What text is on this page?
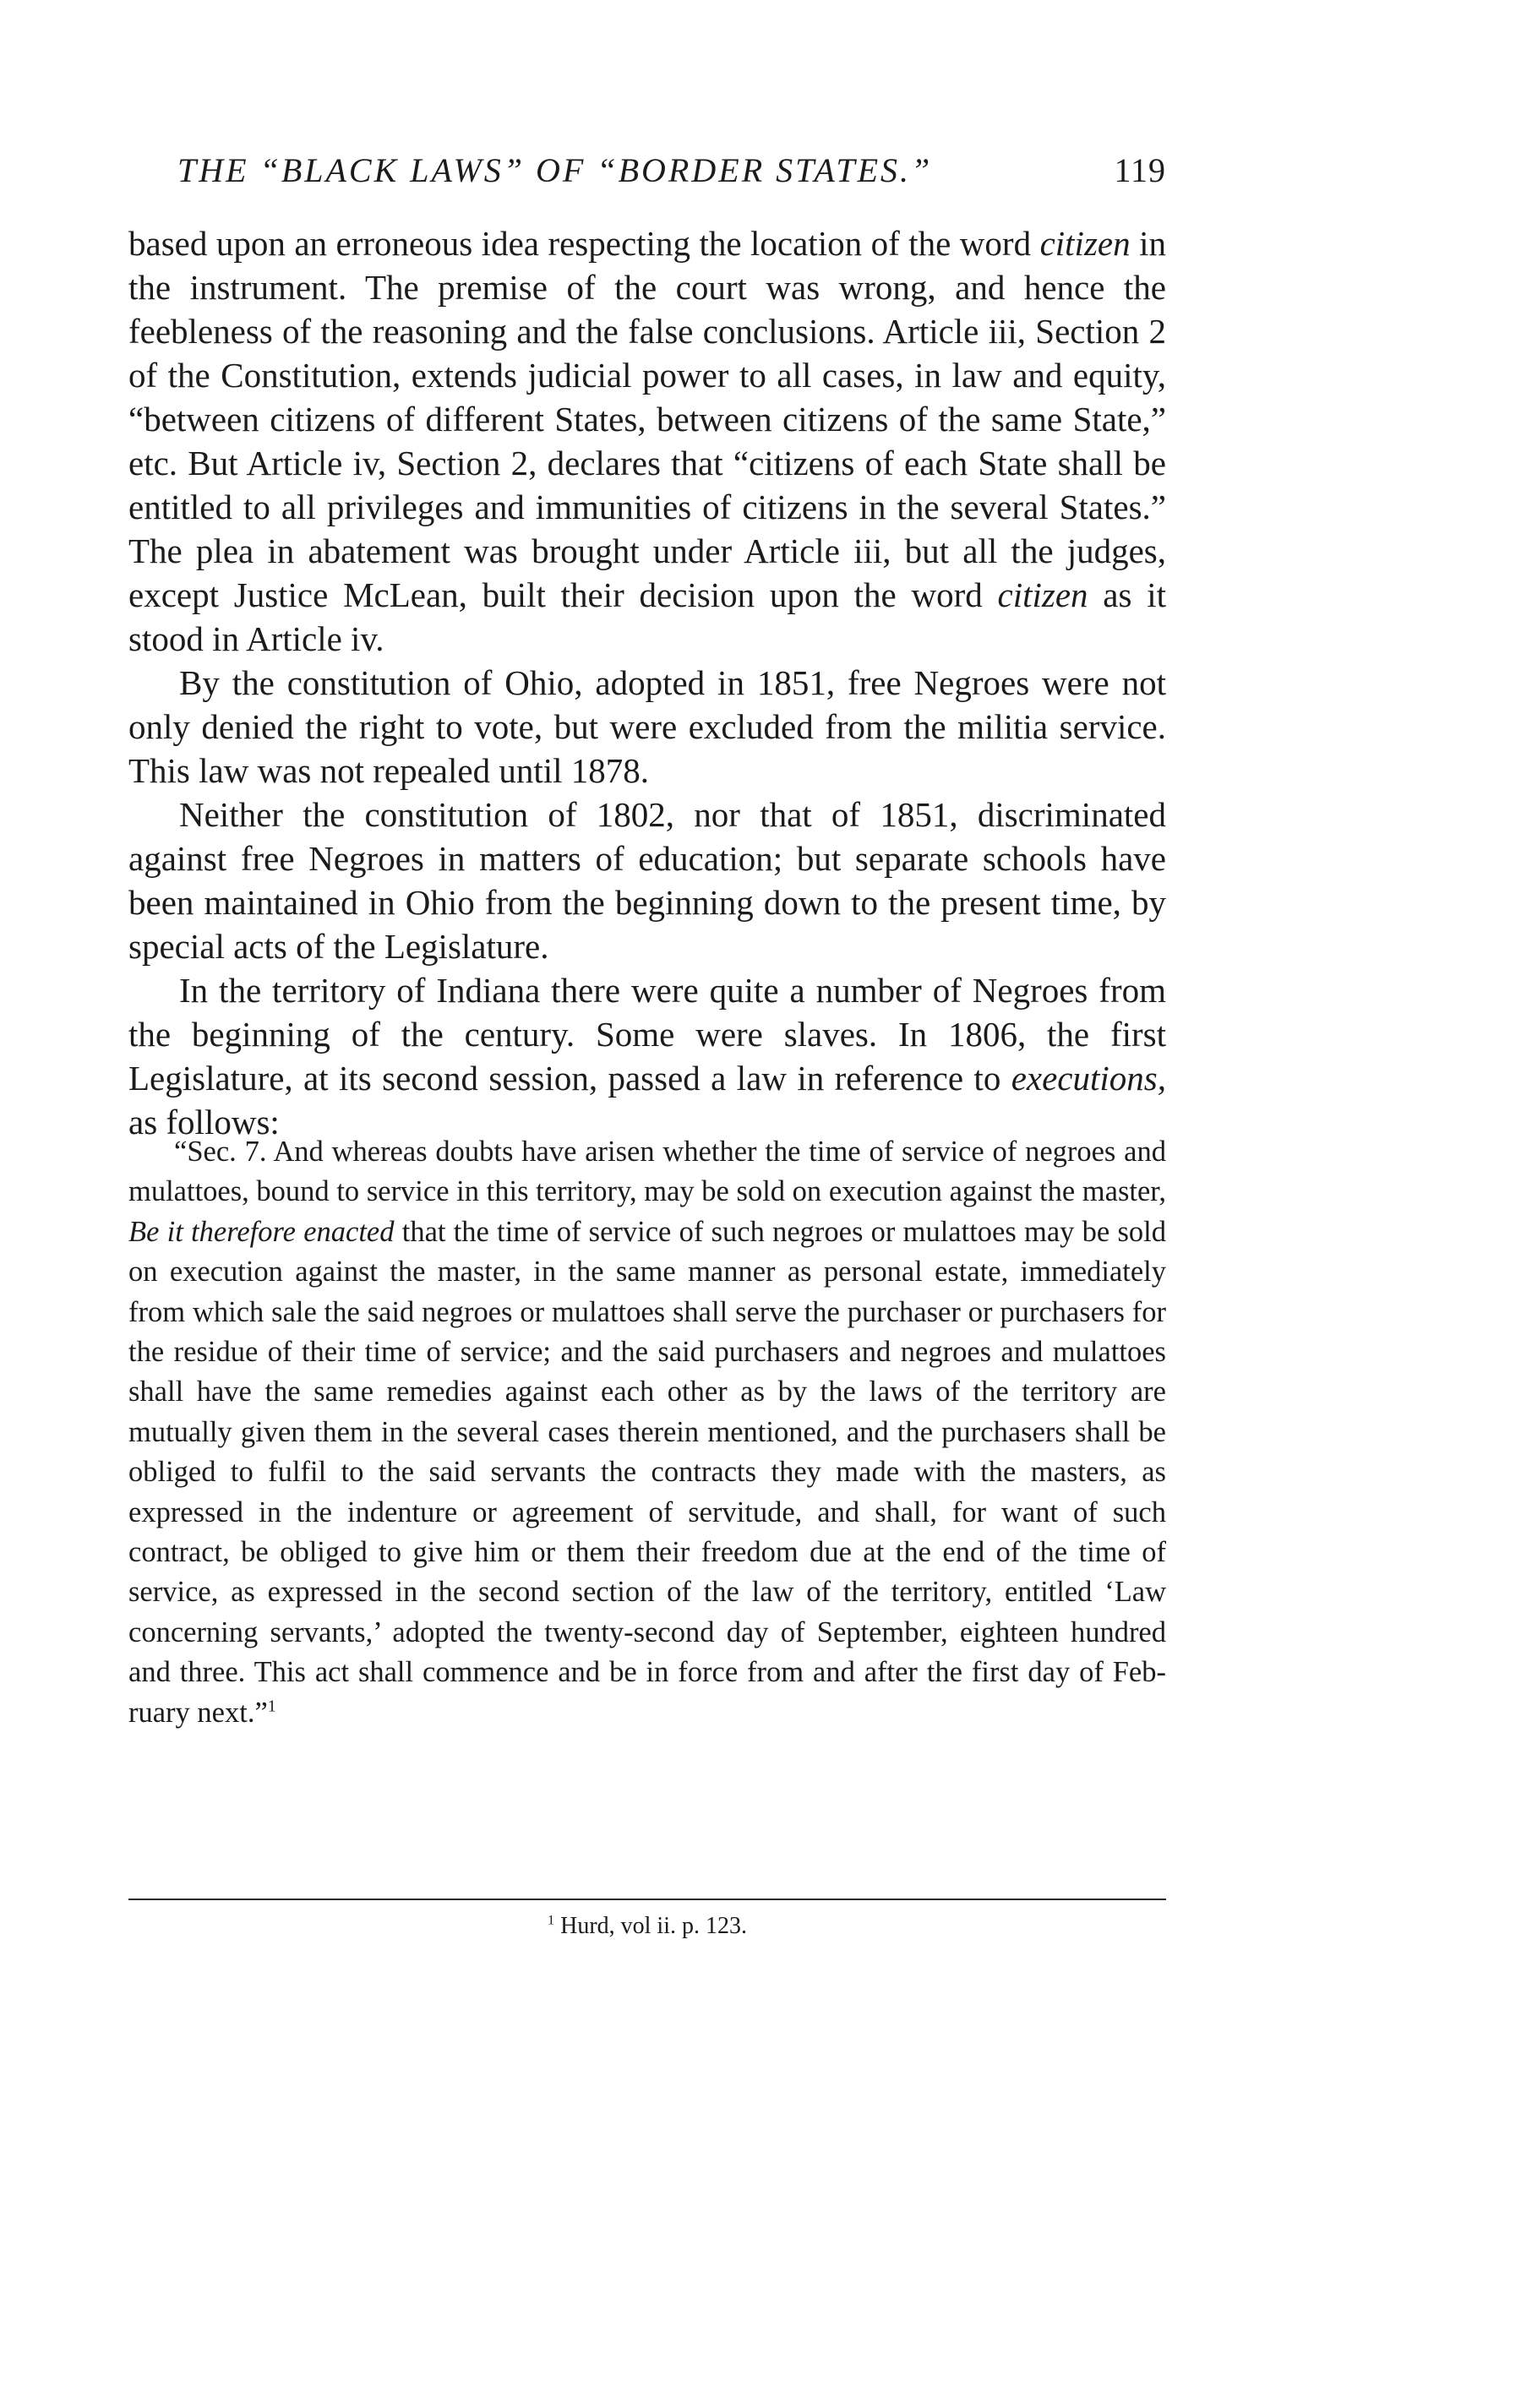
THE “BLACK LAWS” OF “BORDER STATES.”	119

based upon an erroneous idea respecting the location of the word citizen in the instrument. The premise of the court was wrong, and hence the feebleness of the reasoning and the false conclusions. Article iii, Section 2 of the Constitution, extends judicial power to all cases, in law and equity, “between citizens of different States, between citizens of the same State,” etc. But Article iv, Section 2, declares that “citizens of each State shall be entitled to all privileges and immunities of citizens in the several States.” The plea in abatement was brought under Article iii, but all the judges, except Justice McLean, built their decision upon the word citizen as it stood in Article iv.

By the constitution of Ohio, adopted in 1851, free Negroes were not only denied the right to vote, but were excluded from the militia service. This law was not repealed until 1878.

Neither the constitution of 1802, nor that of 1851, discriminated against free Negroes in matters of education; but separate schools have been maintained in Ohio from the beginning down to the present time, by special acts of the Legislature.

In the territory of Indiana there were quite a number of Negroes from the beginning of the century. Some were slaves. In 1806, the first Legislature, at its second session, passed a law in reference to executions, as follows:

“Sec. 7. And whereas doubts have arisen whether the time of service of negroes and mulattoes, bound to service in this territory, may be sold on execution against the master, Be it therefore enacted that the time of service of such negroes or mulattoes may be sold on execution against the master, in the same manner as personal estate, immediately from which sale the said negroes or mulattoes shall serve the purchaser or purchasers for the residue of their time of service; and the said purchasers and negroes and mulattoes shall have the same remedies against each other as by the laws of the territory are mutually given them in the several cases therein mentioned, and the purchasers shall be obliged to fulfil to the said servants the contracts they made with the masters, as expressed in the indenture or agreement of servitude, and shall, for want of such contract, be obliged to give him or them their freedom due at the end of the time of service, as expressed in the second section of the law of the territory, entitled ‘Law concerning servants,’ adopted the twenty-second day of September, eighteen hundred and three. This act shall commence and be in force from and after the first day of February next.”$^1$

$^1$ Hurd, vol ii. p. 123.
